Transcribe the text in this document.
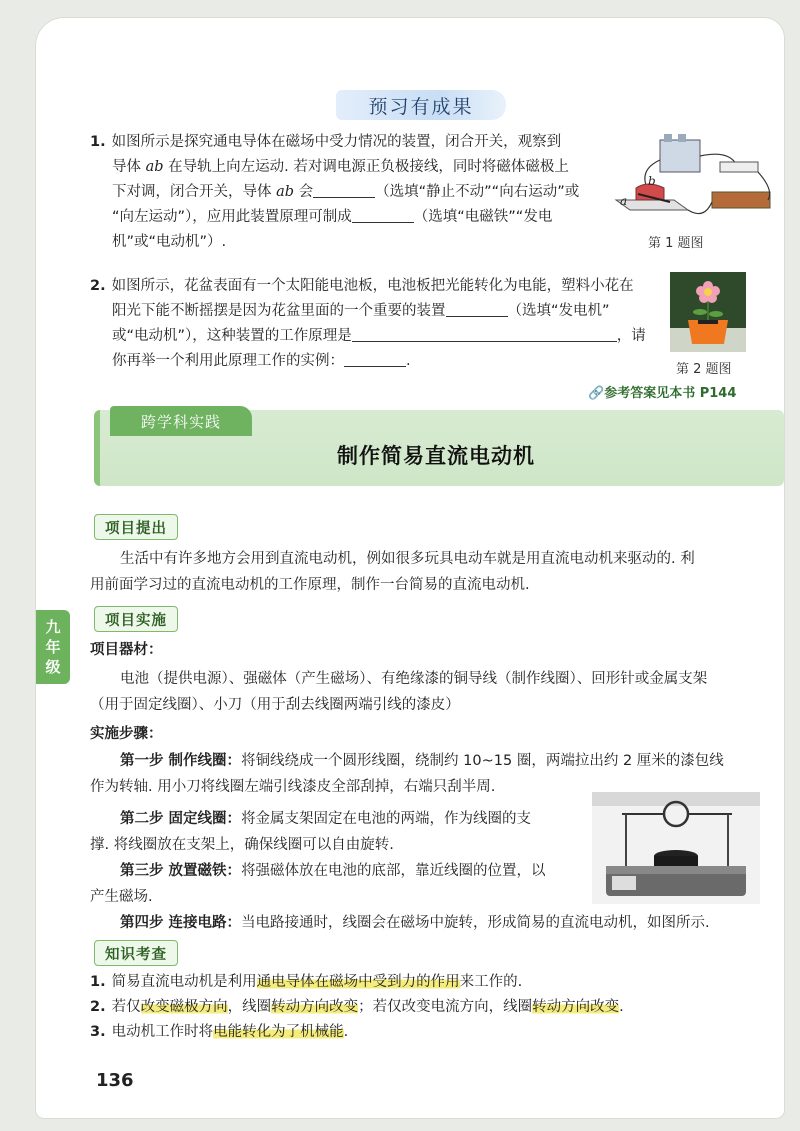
预习有成果
1. 如图所示是探究通电导体在磁场中受力情况的装置，闭合开关，观察到
导体 ab 在导轨上向左运动. 若对调电源正负极接线，同时将磁体磁极上
下对调，闭合开关，导体 ab 会	（选填“静止不动”“向右运动”或
“向左运动”），应用此装置原理可制成	（选填“电磁铁”“发电
机”或“电动机”）.
a
b
第 1 题图
2. 如图所示，花盆表面有一个太阳能电池板，电池板把光能转化为电能，塑料小花在
阳光下能不断摇摆是因为花盆里面的一个重要的装置	（选填“发电机”
或“电动机”），这种装置的工作原理是	，请
你再举一个利用此原理工作的实例：	.
第 2 题图
🔗参考答案见本书 P144
跨学科实践
制作简易直流电动机
项目提出
生活中有许多地方会用到直流电动机，例如很多玩具电动车就是用直流电动机来驱动的. 利
用前面学习过的直流电动机的工作原理，制作一台简易的直流电动机.
九
年
级
项目实施
项目器材：
电池（提供电源）、强磁体（产生磁场）、有绝缘漆的铜导线（制作线圈）、回形针或金属支架
（用于固定线圈）、小刀（用于刮去线圈两端引线的漆皮）
实施步骤：
第一步 制作线圈：将铜线绕成一个圆形线圈，绕制约 10~15 圈，两端拉出约 2 厘米的漆包线
作为转轴. 用小刀将线圈左端引线漆皮全部刮掉，右端只刮半周.
第二步 固定线圈：将金属支架固定在电池的两端，作为线圈的支
撑. 将线圈放在支架上，确保线圈可以自由旋转.
第三步 放置磁铁：将强磁体放在电池的底部，靠近线圈的位置，以
产生磁场.
第四步 连接电路：当电路接通时，线圈会在磁场中旋转，形成简易的直流电动机，如图所示.
知识考查
1. 简易直流电动机是利用通电导体在磁场中受到力的作用来工作的.
2. 若仅改变磁极方向，线圈转动方向改变；若仅改变电流方向，线圈转动方向改变.
3. 电动机工作时将电能转化为了机械能.
136
